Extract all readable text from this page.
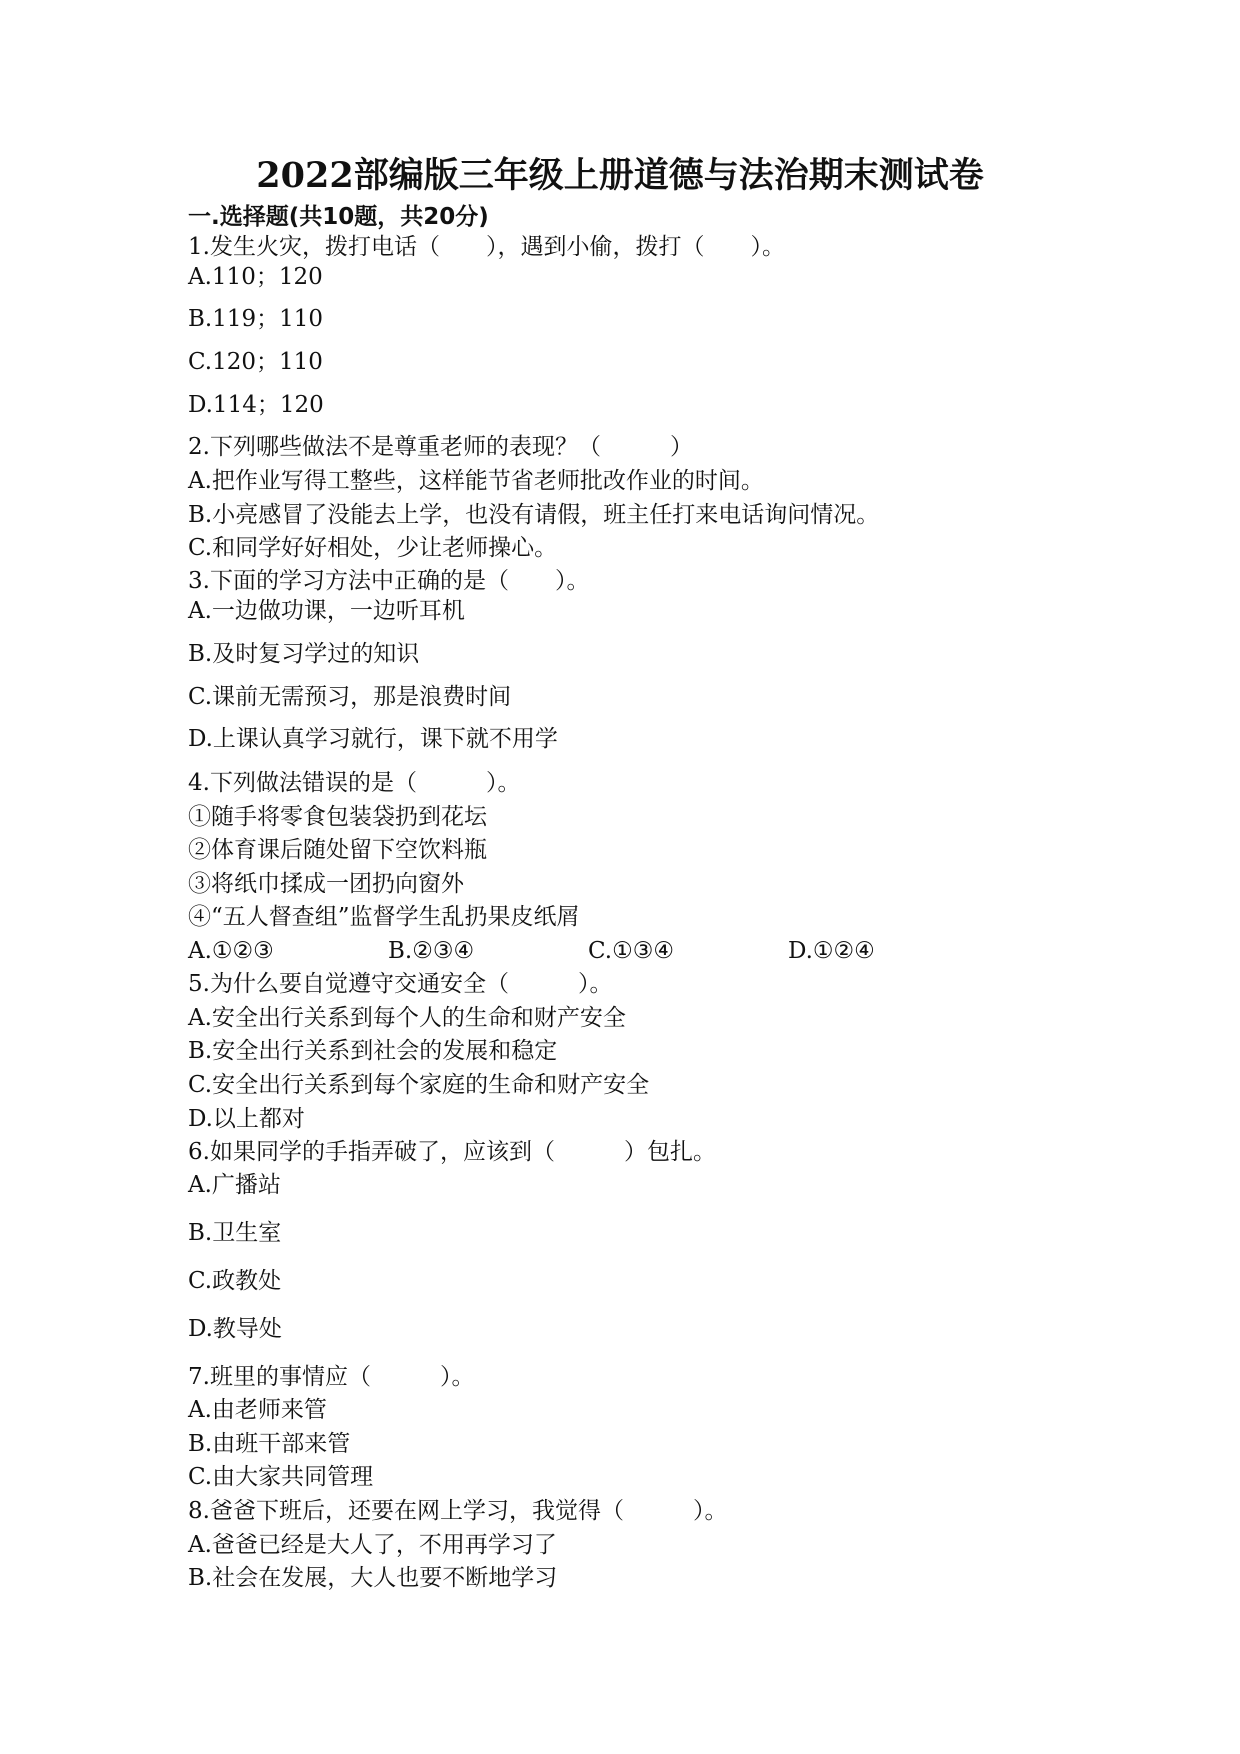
2022部编版三年级上册道德与法治期末测试卷
一.选择题(共10题，共20分)
1.发生火灾，拨打电话（　　），遇到小偷，拨打（　　）。
A.110；120
B.119；110
C.120；110
D.114；120
2.下列哪些做法不是尊重老师的表现？（　　　）
A.把作业写得工整些，这样能节省老师批改作业的时间。
B.小亮感冒了没能去上学，也没有请假，班主任打来电话询问情况。
C.和同学好好相处，少让老师操心。
3.下面的学习方法中正确的是（　　）。
A.一边做功课，一边听耳机
B.及时复习学过的知识
C.课前无需预习，那是浪费时间
D.上课认真学习就行，课下就不用学
4.下列做法错误的是（　　　）。
①随手将零食包装袋扔到花坛
②体育课后随处留下空饮料瓶
③将纸巾揉成一团扔向窗外
④“五人督查组”监督学生乱扔果皮纸屑
A.①②③	B.②③④	C.①③④	D.①②④
5.为什么要自觉遵守交通安全（　　　）。
A.安全出行关系到每个人的生命和财产安全
B.安全出行关系到社会的发展和稳定
C.安全出行关系到每个家庭的生命和财产安全
D.以上都对
6.如果同学的手指弄破了，应该到（　　　）包扎。
A.广播站
B.卫生室
C.政教处
D.教导处
7.班里的事情应（　　　）。
A.由老师来管
B.由班干部来管
C.由大家共同管理
8.爸爸下班后，还要在网上学习，我觉得（　　　）。
A.爸爸已经是大人了，不用再学习了
B.社会在发展，大人也要不断地学习
